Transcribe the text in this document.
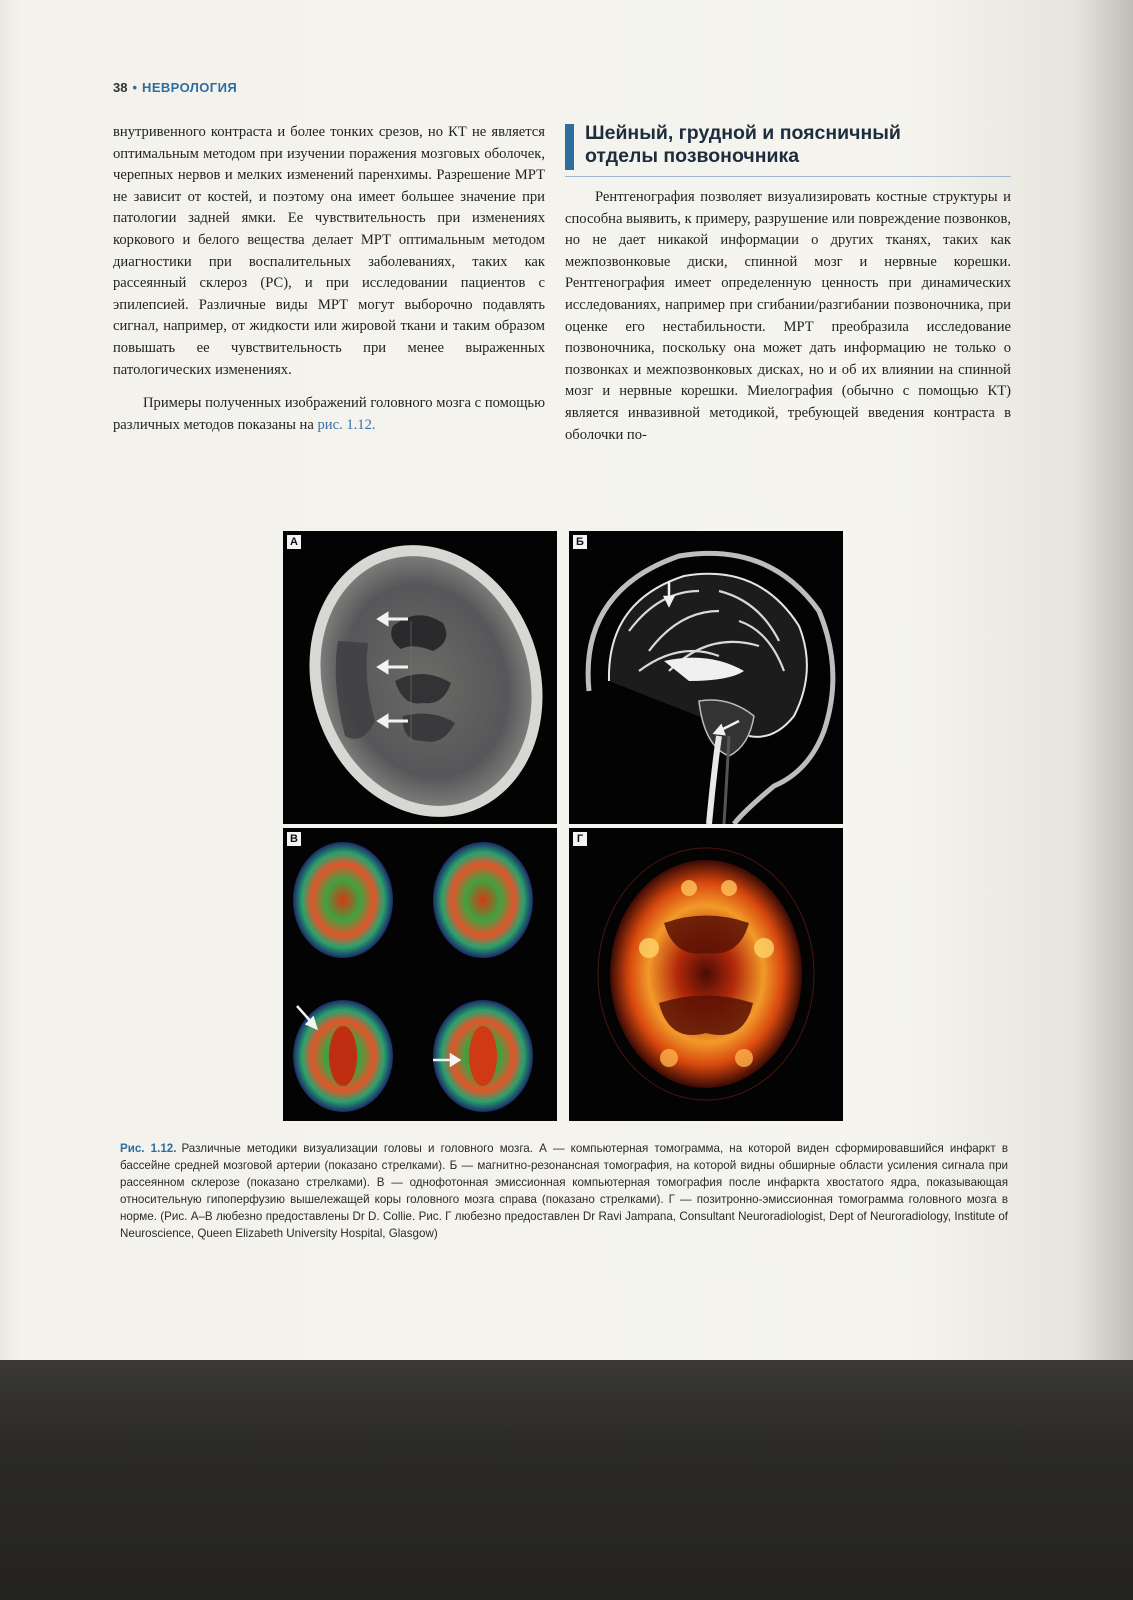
38 • НЕВРОЛОГИЯ

внутривенного контраста и более тонких срезов, но КТ не является оптимальным методом при изучении поражения мозговых оболочек, черепных нервов и мелких изменений паренхимы. Разрешение МРТ не зависит от костей, и поэтому она имеет большее значение при патологии задней ямки. Ее чувствительность при изменениях коркового и белого вещества делает МРТ оптимальным методом диагностики при воспалительных заболеваниях, таких как рассеянный склероз (РС), и при исследовании пациентов с эпилепсией. Различные виды МРТ могут выборочно подавлять сигнал, например, от жидкости или жировой ткани и таким образом повышать ее чувствительность при менее выраженных патологических изменениях.

Примеры полученных изображений головного мозга с помощью различных методов показаны на рис. 1.12.

Шейный, грудной и поясничный
отделы позвоночника

Рентгенография позволяет визуализировать костные структуры и способна выявить, к примеру, разрушение или повреждение позвонков, но не дает никакой информации о других тканях, таких как межпозвонковые диски, спинной мозг и нервные корешки. Рентгенография имеет определенную ценность при динамических исследованиях, например при сгибании/разгибании позвоночника, при оценке его нестабильности. МРТ преобразила исследование позвоночника, поскольку она может дать информацию не только о позвонках и межпозвонковых дисках, но и об их влиянии на спинной мозг и нервные корешки. Миелография (обычно с помощью КТ) является инвазивной методикой, требующей введения контраста в оболочки по-

А	Б
В	Г
Рис. 1.12. Различные методики визуализации головы и головного мозга. А — компьютерная томограмма, на которой виден сформировавшийся инфаркт в бассейне средней мозговой артерии (показано стрелками). Б — магнитно-резонансная томография, на которой видны обширные области усиления сигнала при рассеянном склерозе (показано стрелками). В — однофотонная эмиссионная компьютерная томография после инфаркта хвостатого ядра, показывающая относительную гипоперфузию вышележащей коры головного мозга справа (показано стрелками). Г — позитронно-эмиссионная томограмма головного мозга в норме. (Рис. А–В любезно предоставлены Dr D. Collie. Рис. Г любезно предоставлен Dr Ravi Jampana, Consultant Neuroradiologist, Dept of Neuroradiology, Institute of Neuroscience, Queen Elizabeth University Hospital, Glasgow)
